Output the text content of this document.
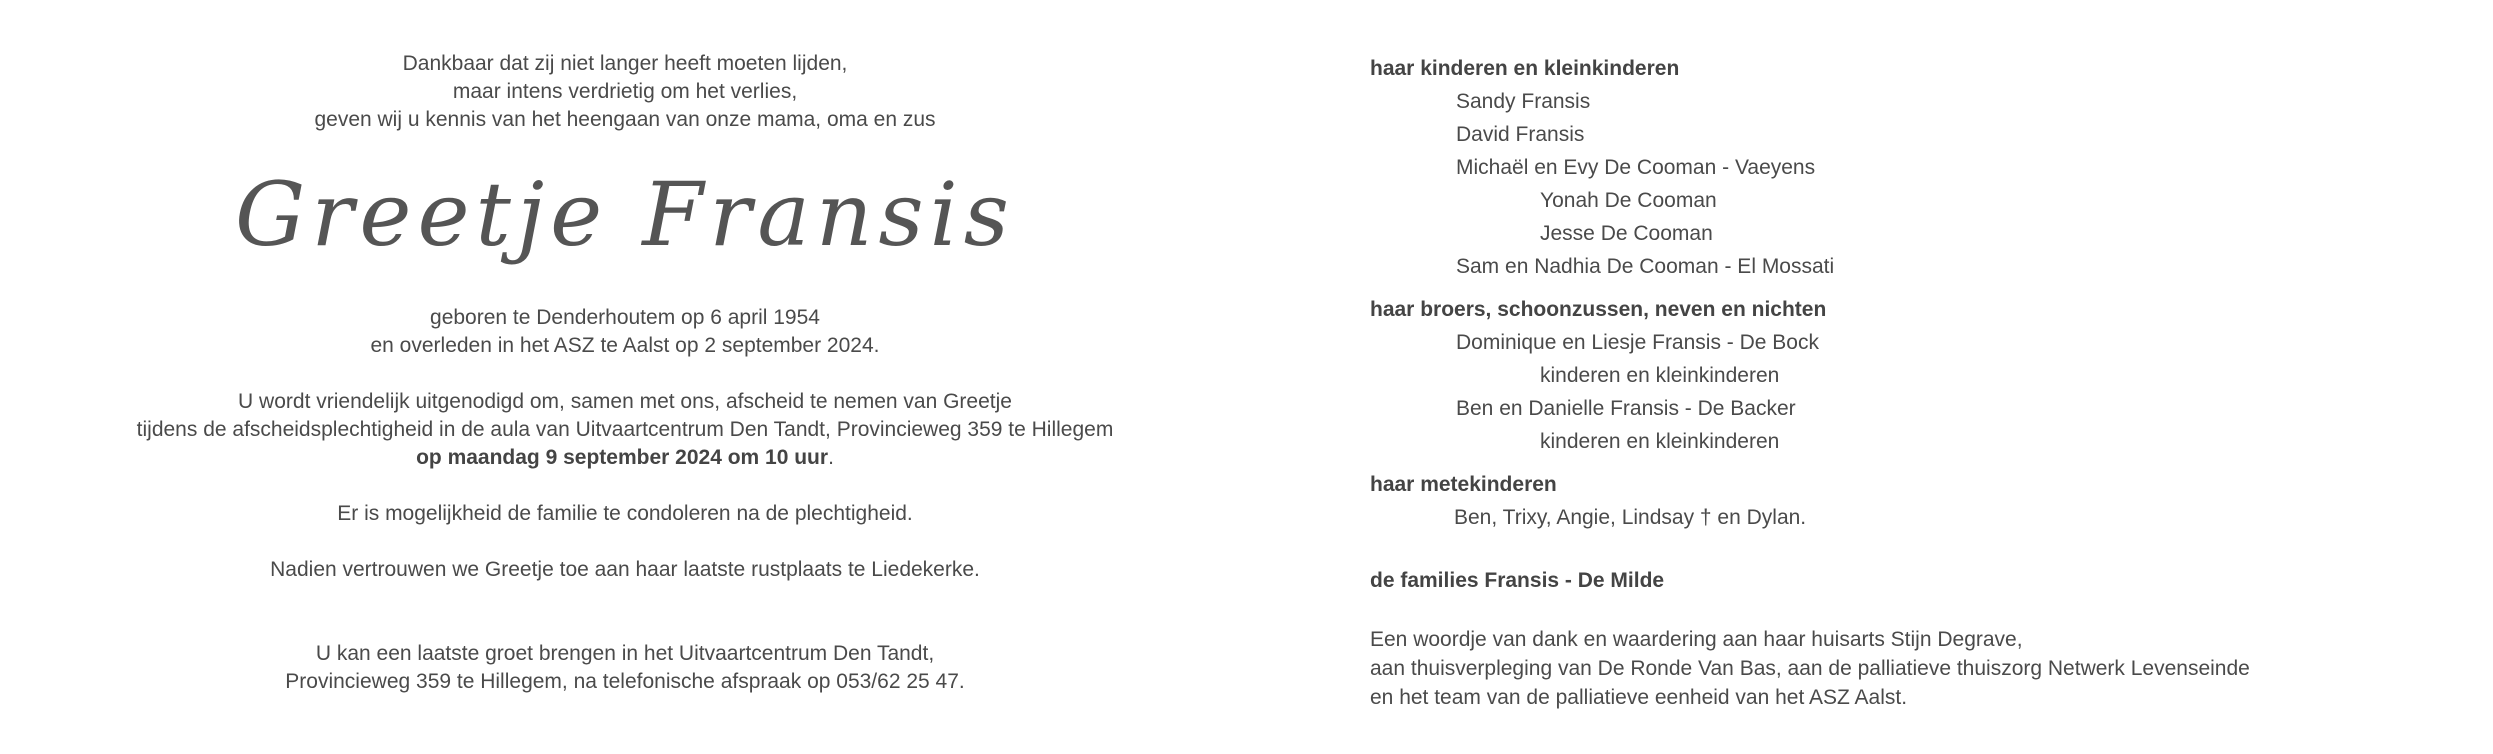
Dankbaar dat zij niet langer heeft moeten lijden,

maar intens verdrietig om het verlies,

geven wij u kennis van het heengaan van onze mama, oma en zus

Greetje Fransis

geboren te Denderhoutem op 6 april 1954

en overleden in het ASZ te Aalst op 2 september 2024.

U wordt vriendelijk uitgenodigd om, samen met ons, afscheid te nemen van Greetje

tijdens de afscheidsplechtigheid in de aula van Uitvaartcentrum Den Tandt, Provincieweg 359 te Hillegem

op maandag 9 september 2024 om 10 uur.

Er is mogelijkheid de familie te condoleren na de plechtigheid.

Nadien vertrouwen we Greetje toe aan haar laatste rustplaats te Liedekerke.

U kan een laatste groet brengen in het Uitvaartcentrum Den Tandt,

Provincieweg 359 te Hillegem, na telefonische afspraak op 053/62 25 47.

haar kinderen en kleinkinderen

Sandy Fransis

David Fransis

Michaël en Evy De Cooman - Vaeyens

Yonah De Cooman

Jesse De Cooman

Sam en Nadhia De Cooman - El Mossati

haar broers, schoonzussen, neven en nichten

Dominique en Liesje Fransis - De Bock

kinderen en kleinkinderen

Ben en Danielle Fransis - De Backer

kinderen en kleinkinderen

haar metekinderen

Ben, Trixy, Angie, Lindsay † en Dylan.

de families Fransis - De Milde

Een woordje van dank en waardering aan haar huisarts Stijn Degrave,

aan thuisverpleging van De Ronde Van Bas, aan de palliatieve thuiszorg Netwerk Levenseinde

en het team van de palliatieve eenheid van het ASZ Aalst.
